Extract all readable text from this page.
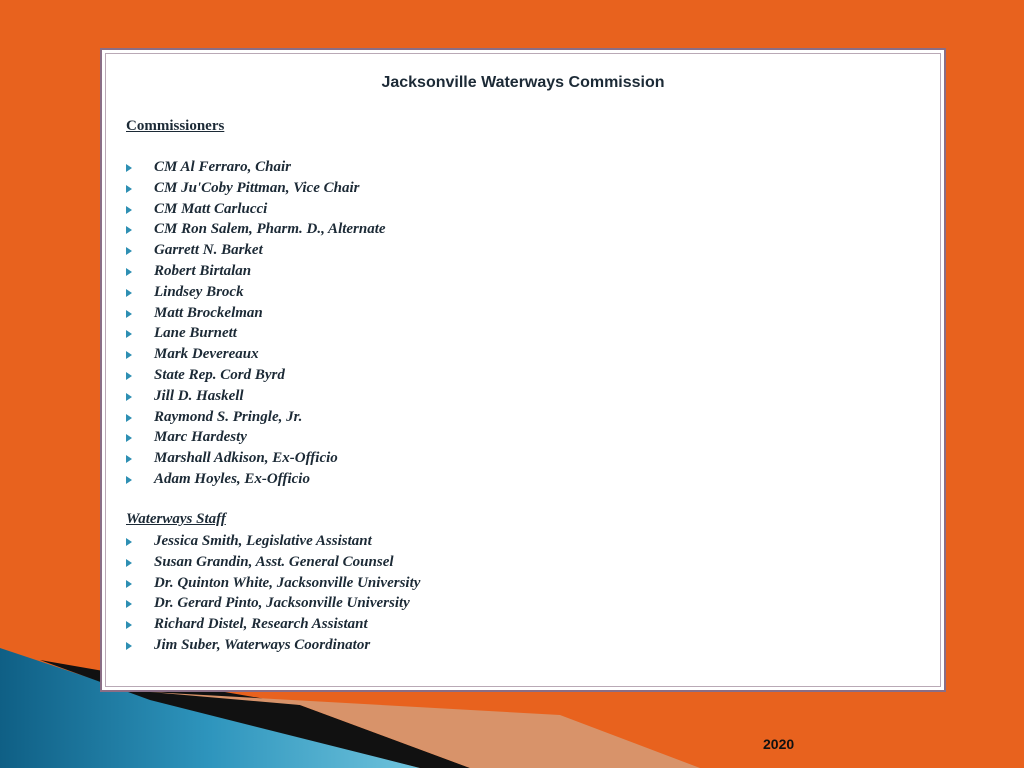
Jacksonville Waterways Commission
Commissioners
CM Al Ferraro, Chair
CM Ju'Coby Pittman, Vice Chair
CM Matt Carlucci
CM Ron Salem, Pharm. D., Alternate
Garrett N. Barket
Robert Birtalan
Lindsey Brock
Matt Brockelman
Lane Burnett
Mark Devereaux
State Rep. Cord Byrd
Jill D. Haskell
Raymond S. Pringle, Jr.
Marc Hardesty
Marshall Adkison, Ex-Officio
Adam Hoyles, Ex-Officio
Waterways Staff
Jessica Smith, Legislative Assistant
Susan Grandin, Asst. General Counsel
Dr. Quinton White, Jacksonville University
Dr. Gerard Pinto, Jacksonville University
Richard Distel, Research Assistant
Jim Suber, Waterways Coordinator
2020
